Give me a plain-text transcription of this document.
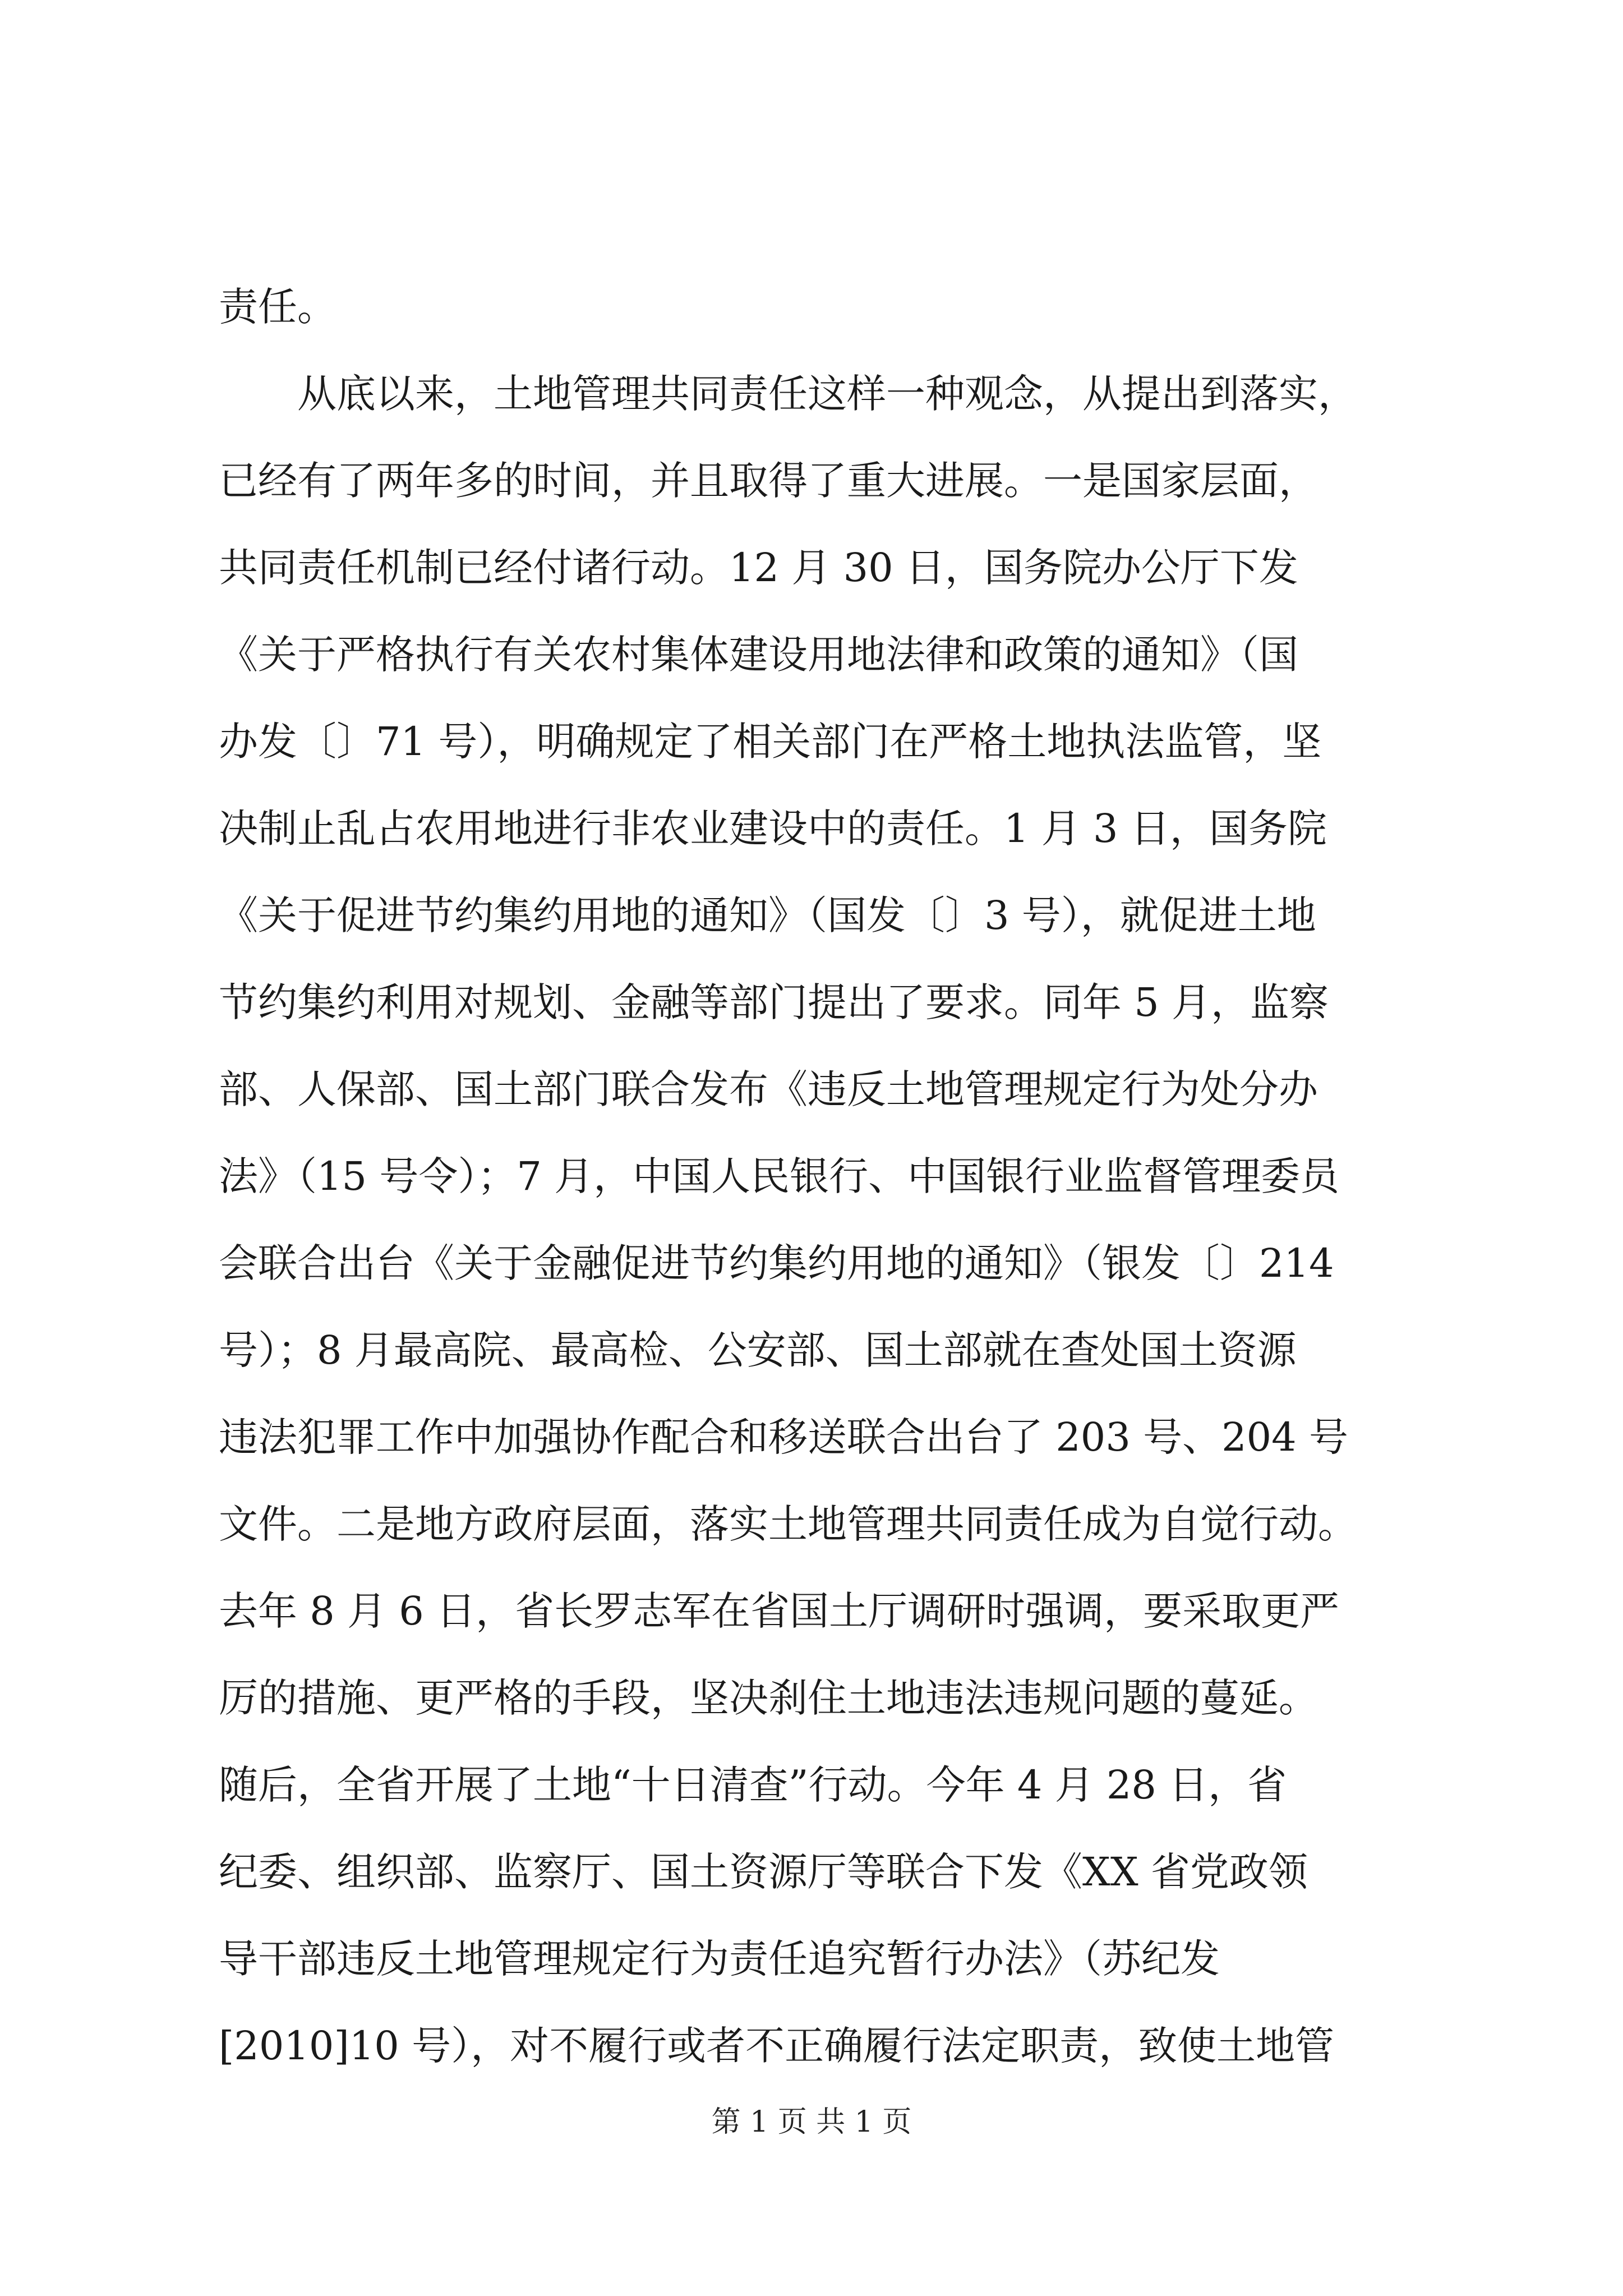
责任。
从底以来，土地管理共同责任这样一种观念，从提出到落实，
已经有了两年多的时间，并且取得了重大进展。一是国家层面，
共同责任机制已经付诸行动。12 月 30 日，国务院办公厅下发
《关于严格执行有关农村集体建设用地法律和政策的通知》（国
办发〔〕71 号），明确规定了相关部门在严格土地执法监管，坚
决制止乱占农用地进行非农业建设中的责任。1 月 3 日，国务院
《关于促进节约集约用地的通知》（国发〔〕3 号），就促进土地
节约集约利用对规划、金融等部门提出了要求。同年 5 月，监察
部、人保部、国土部门联合发布《违反土地管理规定行为处分办
法》（15 号令）；7 月，中国人民银行、中国银行业监督管理委员
会联合出台《关于金融促进节约集约用地的通知》（银发〔〕214
号）；8 月最高院、最高检、公安部、国土部就在查处国土资源
违法犯罪工作中加强协作配合和移送联合出台了 203 号、204 号
文件。二是地方政府层面，落实土地管理共同责任成为自觉行动。
去年 8 月 6 日，省长罗志军在省国土厅调研时强调，要采取更严
厉的措施、更严格的手段，坚决刹住土地违法违规问题的蔓延。
随后，全省开展了土地“十日清查”行动。今年 4 月 28 日，省
纪委、组织部、监察厅、国土资源厅等联合下发《XX 省党政领
导干部违反土地管理规定行为责任追究暂行办法》（苏纪发
[2010]10 号），对不履行或者不正确履行法定职责，致使土地管
第 1 页 共 1 页
